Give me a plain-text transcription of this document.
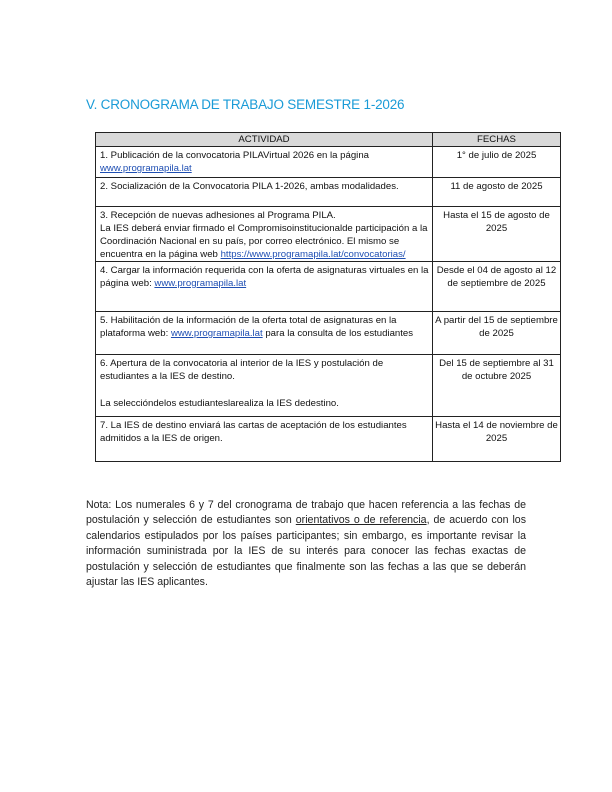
V. CRONOGRAMA DE TRABAJO SEMESTRE 1-2026
ACTIVIDAD	FECHAS
1. Publicación de la convocatoria PILAVirtual 2026 en la página
www.programapila.lat	1° de julio de 2025
2. Socialización de la Convocatoria PILA 1-2026, ambas modalidades.	11 de agosto de 2025

3. Recepción de nuevas adhesiones al Programa PILA.
La IES deberá enviar firmado el Compromisoinstitucionalde participación a la Coordinación Nacional en su país, por correo electrónico. El mismo se encuentra en la página web https://www.programapila.lat/convocatorias/	Hasta el 15 de agosto de 2025
4. Cargar la información requerida con la oferta de asignaturas virtuales en la página web: www.programapila.lat	Desde el 04 de agosto al 12 de septiembre de 2025
5. Habilitación de la información de la oferta total de asignaturas en la plataforma web: www.programapila.lat para la consulta de los estudiantes	A partir del 15 de septiembre de 2025
6. Apertura de la convocatoria al interior de la IES y postulación de estudiantes a la IES de destino.
La seleccióndelos estudianteslarealiza la IES dedestino.	Del 15 de septiembre al 31 de octubre 2025
7. La IES de destino enviará las cartas de aceptación de los estudiantes admitidos a la IES de origen.	Hasta el 14 de noviembre de 2025

Nota: Los numerales 6 y 7 del cronograma de trabajo que hacen referencia a las fechas de postulación y selección de estudiantes son orientativos o de referencia, de acuerdo con los calendarios estipulados por los países participantes; sin embargo, es importante revisar la información suministrada por la IES de su interés para conocer las fechas exactas de postulación y selección de estudiantes que finalmente son las fechas a las que se deberán ajustar las IES aplicantes.
